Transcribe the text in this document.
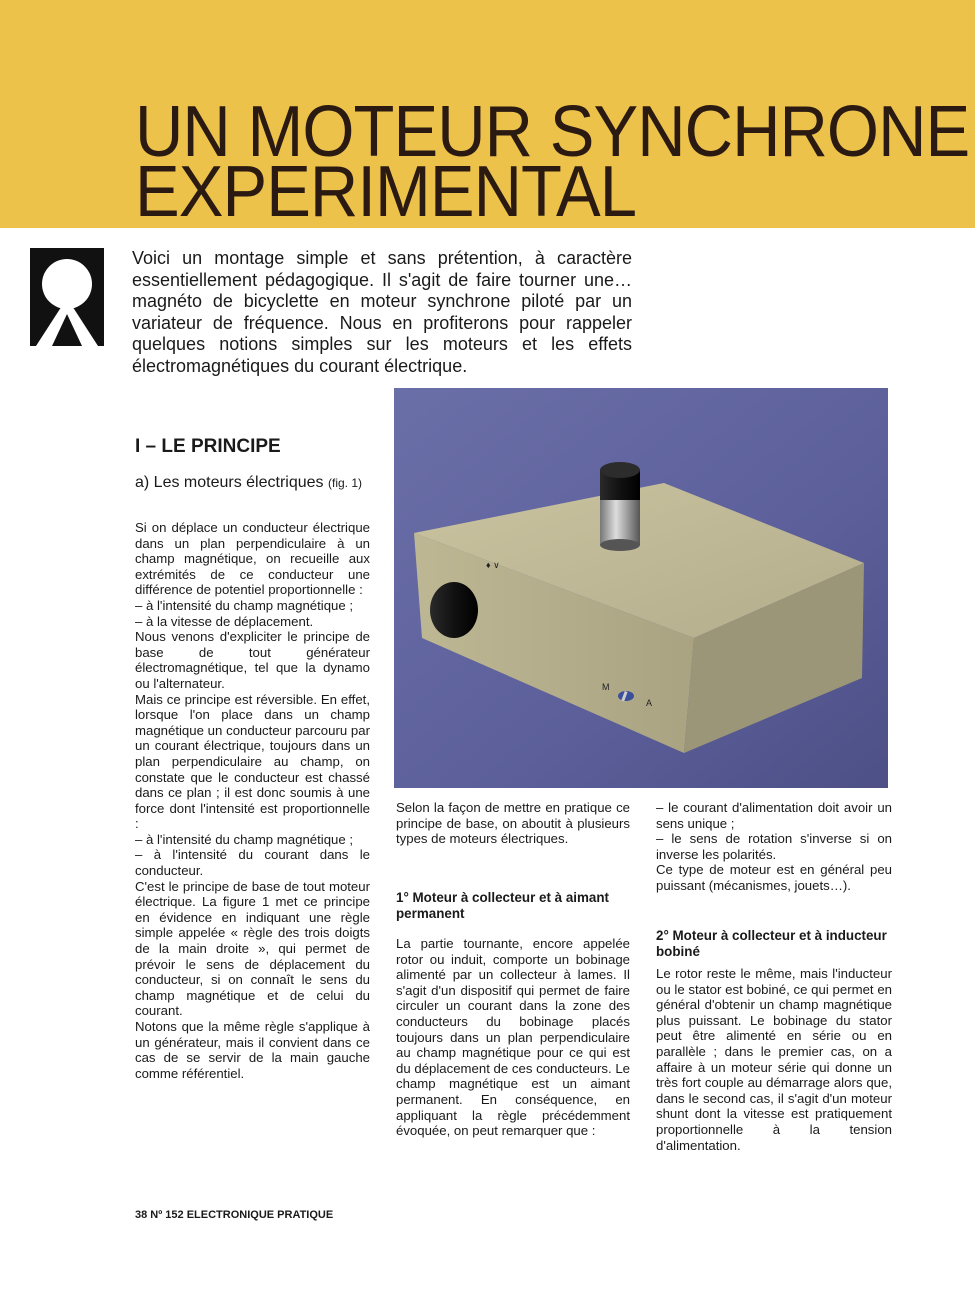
UN MOTEUR SYNCHRONE
EXPERIMENTAL

Voici un montage simple et sans prétention, à caractère essentiellement pédagogique. Il s'agit de faire tourner une… magnéto de bicyclette en moteur synchrone piloté par un variateur de fréquence. Nous en profiterons pour rappeler quelques notions simples sur les moteurs et les effets électromagnétiques du courant électrique.

♦ ∨
M
A
I – LE PRINCIPE
a) Les moteurs électriques (fig. 1)

Si on déplace un conducteur électrique dans un plan perpendiculaire à un champ magnétique, on recueille aux extrémités de ce conducteur une différence de potentiel proportionnelle :

– à l'intensité du champ magnétique ;

– à la vitesse de déplacement.

Nous venons d'expliciter le principe de base de tout générateur électromagnétique, tel que la dynamo ou l'alternateur.

Mais ce principe est réversible. En effet, lorsque l'on place dans un champ magnétique un conducteur parcouru par un courant électrique, toujours dans un plan perpendiculaire au champ, on constate que le conducteur est chassé dans ce plan ; il est donc soumis à une force dont l'intensité est proportionnelle :

– à l'intensité du champ magnétique ;

– à l'intensité du courant dans le conducteur.

C'est le principe de base de tout moteur électrique. La figure 1 met ce principe en évidence en indiquant une règle simple appelée « règle des trois doigts de la main droite », qui permet de prévoir le sens de déplacement du conducteur, si on connaît le sens du champ magnétique et de celui du courant.

Notons que la même règle s'applique à un générateur, mais il convient dans ce cas de se servir de la main gauche comme référentiel.

Selon la façon de mettre en pratique ce principe de base, on aboutit à plusieurs types de moteurs électriques.

1° Moteur à collecteur et à aimant permanent

La partie tournante, encore appelée rotor ou induit, comporte un bobinage alimenté par un collecteur à lames. Il s'agit d'un dispositif qui permet de faire circuler un courant dans la zone des conducteurs du bobinage placés toujours dans un plan perpendiculaire au champ magnétique pour ce qui est du déplacement de ces conducteurs. Le champ magnétique est un aimant permanent. En conséquence, en appliquant la règle précédemment évoquée, on peut remarquer que :

– le courant d'alimentation doit avoir un sens unique ;

– le sens de rotation s'inverse si on inverse les polarités.

Ce type de moteur est en général peu puissant (mécanismes, jouets…).

2° Moteur à collecteur et à inducteur bobiné

Le rotor reste le même, mais l'inducteur ou le stator est bobiné, ce qui permet en général d'obtenir un champ magnétique plus puissant. Le bobinage du stator peut être alimenté en série ou en parallèle ; dans le premier cas, on a affaire à un moteur série qui donne un très fort couple au démarrage alors que, dans le second cas, il s'agit d'un moteur shunt dont la vitesse est pratiquement proportionnelle à la tension d'alimentation.

38 Nº 152 ELECTRONIQUE PRATIQUE
